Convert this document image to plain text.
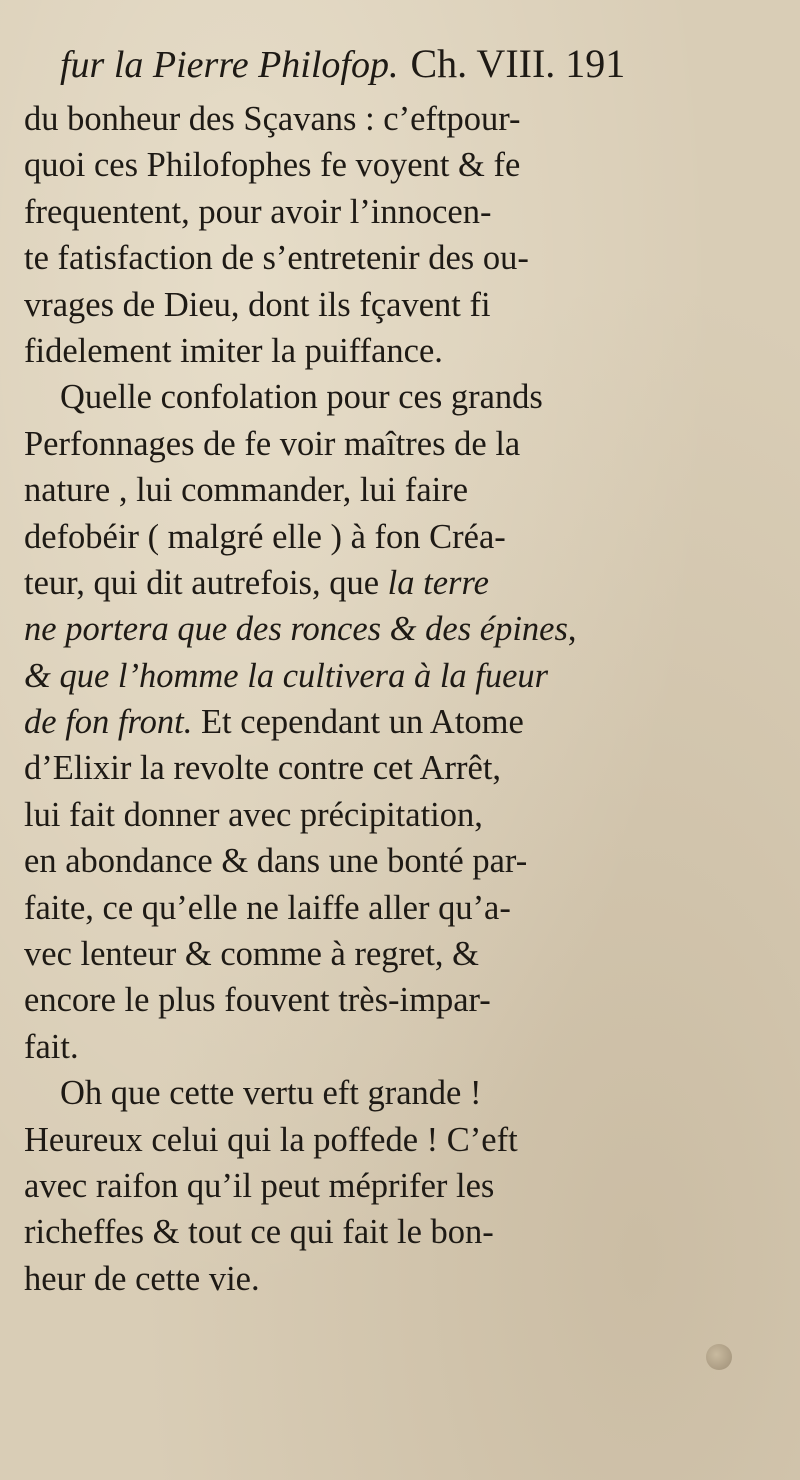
fur la Pierre Philofop. Ch. VIII. 191
du bonheur des Sçavans : c’eftpour-
quoi ces Philofophes fe voyent & fe
frequentent, pour avoir l’innocen-
te fatisfaction de s’entretenir des ou-
vrages de Dieu, dont ils fçavent fi
fidelement imiter la puiffance.
Quelle confolation pour ces grands
Perfonnages de fe voir maîtres de la
nature , lui commander, lui faire
defobéir ( malgré elle ) à fon Créa-
teur, qui dit autrefois, que la terre
ne portera que des ronces & des épines,
& que l’homme la cultivera à la fueur
de fon front. Et cependant un Atome
d’Elixir la revolte contre cet Arrêt,
lui fait donner avec précipitation,
en abondance & dans une bonté par-
faite, ce qu’elle ne laiffe aller qu’a-
vec lenteur & comme à regret, &
encore le plus fouvent très-impar-
fait.
Oh que cette vertu eft grande !
Heureux celui qui la poffede ! C’eft
avec raifon qu’il peut méprifer les
richeffes & tout ce qui fait le bon-
heur de cette vie.
